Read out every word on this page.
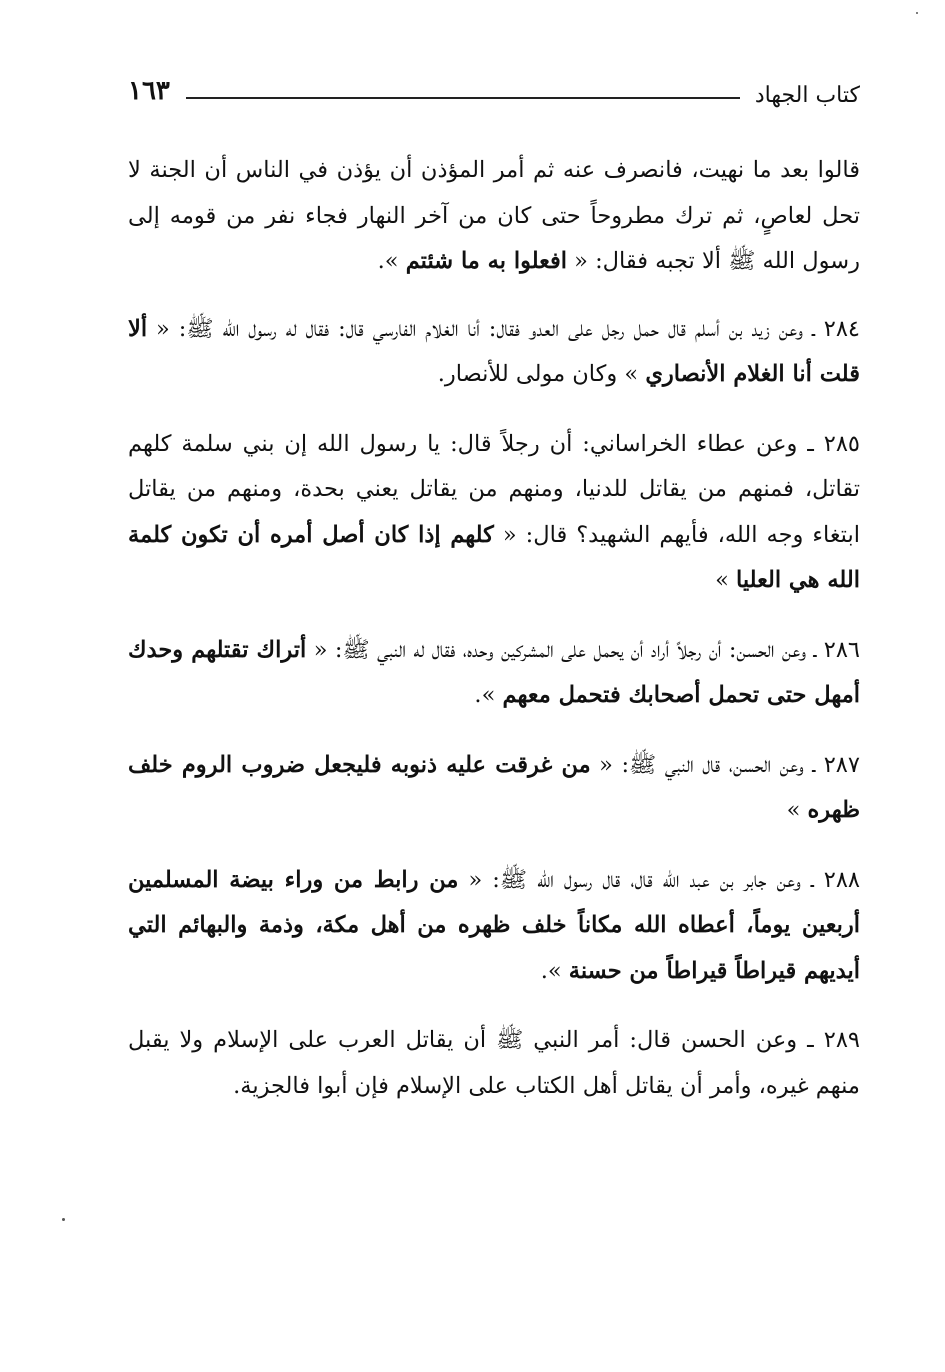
١٦٣	كتاب الجهاد

قالوا بعد ما نهيت، فانصرف عنه ثم أمر المؤذن أن يؤذن في الناس أن الجنة لا تحل لعاصٍ، ثم ترك مطروحاً حتى كان من آخر النهار فجاء نفر من قومه إلى رسول الله ﷺ ألا تجبه فقال: « افعلوا به ما شئتم ».

٢٨٤ ـ وعن زيد بن أسلم قال حمل رجل على العدو فقال: أنا الغلام الفارسي قال: فقال له رسول الله ﷺ: « ألا قلت أنا الغلام الأنصاري » وكان مولى للأنصار.

٢٨٥ ـ وعن عطاء الخراساني: أن رجلاً قال: يا رسول الله إن بني سلمة كلهم تقاتل، فمنهم من يقاتل للدنيا، ومنهم من يقاتل يعني بحدة، ومنهم من يقاتل ابتغاء وجه الله، فأيهم الشهيد؟ قال: « كلهم إذا كان أصل أمره أن تكون كلمة الله هي العليا »

٢٨٦ ـ وعن الحسن: أن رجلاً أراد أن يحمل على المشركين وحده، فقال له النبي ﷺ: « أتراك تقتلهم وحدك أمهل حتى تحمل أصحابك فتحمل معهم ».

٢٨٧ ـ وعن الحسن، قال النبي ﷺ: « من غرقت عليه ذنوبه فليجعل ضروب الروم خلف ظهره »

٢٨٨ ـ وعن جابر بن عبد الله قال، قال رسول الله ﷺ: « من رابط من وراء بيضة المسلمين أربعين يوماً، أعطاه الله مكاناً خلف ظهره من أهل مكة، وذمة والبهائم التي أيديهم قيراطاً قيراطاً من حسنة ».

٢٨٩ ـ وعن الحسن قال: أمر النبي ﷺ أن يقاتل العرب على الإسلام ولا يقبل منهم غيره، وأمر أن يقاتل أهل الكتاب على الإسلام فإن أبوا فالجزية.
